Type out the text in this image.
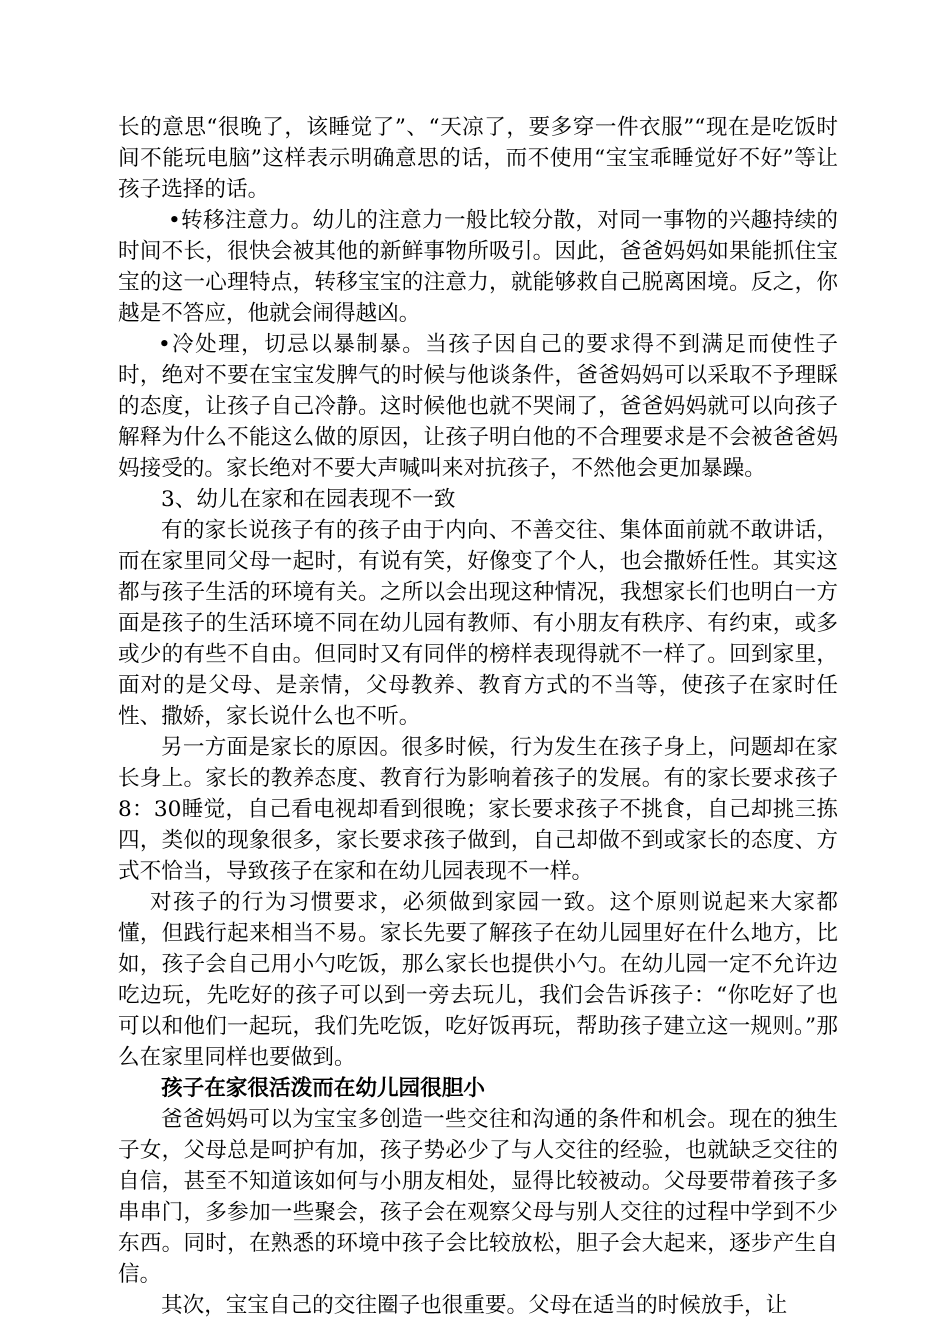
长的意思“很晚了，该睡觉了”、“天凉了，要多穿一件衣服”“现在是吃饭时间不能玩电脑”这样表示明确意思的话，而不使用“宝宝乖睡觉好不好”等让孩子选择的话。

•转移注意力。幼儿的注意力一般比较分散，对同一事物的兴趣持续的时间不长，很快会被其他的新鲜事物所吸引。因此，爸爸妈妈如果能抓住宝宝的这一心理特点，转移宝宝的注意力，就能够救自己脱离困境。反之，你越是不答应，他就会闹得越凶。

•冷处理，切忌以暴制暴。当孩子因自己的要求得不到满足而使性子时，绝对不要在宝宝发脾气的时候与他谈条件，爸爸妈妈可以采取不予理睬的态度，让孩子自己冷静。这时候他也就不哭闹了，爸爸妈妈就可以向孩子解释为什么不能这么做的原因，让孩子明白他的不合理要求是不会被爸爸妈妈接受的。家长绝对不要大声喊叫来对抗孩子，不然他会更加暴躁。

3、幼儿在家和在园表现不一致

有的家长说孩子有的孩子由于内向、不善交往、集体面前就不敢讲话，而在家里同父母一起时，有说有笑，好像变了个人，也会撒娇任性。其实这都与孩子生活的环境有关。之所以会出现这种情况，我想家长们也明白一方面是孩子的生活环境不同在幼儿园有教师、有小朋友有秩序、有约束，或多或少的有些不自由。但同时又有同伴的榜样表现得就不一样了。回到家里，面对的是父母、是亲情，父母教养、教育方式的不当等，使孩子在家时任性、撒娇，家长说什么也不听。

另一方面是家长的原因。很多时候，行为发生在孩子身上，问题却在家长身上。家长的教养态度、教育行为影响着孩子的发展。有的家长要求孩子8：30睡觉，自己看电视却看到很晚；家长要求孩子不挑食，自己却挑三拣四，类似的现象很多，家长要求孩子做到，自己却做不到或家长的态度、方式不恰当，导致孩子在家和在幼儿园表现不一样。

对孩子的行为习惯要求，必须做到家园一致。这个原则说起来大家都懂，但践行起来相当不易。家长先要了解孩子在幼儿园里好在什么地方，比如，孩子会自己用小勺吃饭，那么家长也提供小勺。在幼儿园一定不允许边吃边玩，先吃好的孩子可以到一旁去玩儿，我们会告诉孩子：“你吃好了也可以和他们一起玩，我们先吃饭，吃好饭再玩，帮助孩子建立这一规则。”那么在家里同样也要做到。

孩子在家很活泼而在幼儿园很胆小

爸爸妈妈可以为宝宝多创造一些交往和沟通的条件和机会。现在的独生子女，父母总是呵护有加，孩子势必少了与人交往的经验，也就缺乏交往的自信，甚至不知道该如何与小朋友相处，显得比较被动。父母要带着孩子多串串门，多参加一些聚会，孩子会在观察父母与别人交往的过程中学到不少东西。同时，在熟悉的环境中孩子会比较放松，胆子会大起来，逐步产生自信。

其次，宝宝自己的交往圈子也很重要。父母在适当的时候放手，让
